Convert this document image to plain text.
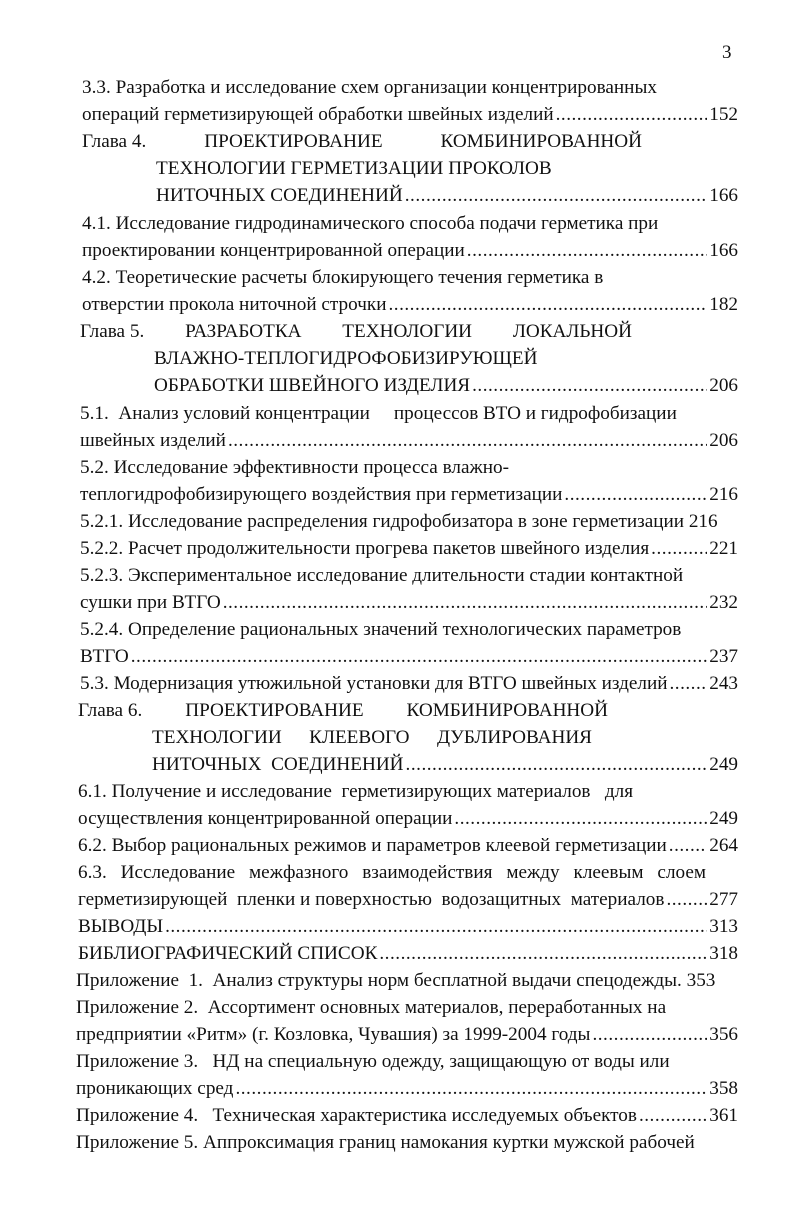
3
3.3. Разработка и исследование схем организации концентрированных
операций герметизирующей обработки швейных изделий .....	152
Глава 4.	ПРОЕКТИРОВАНИЕ	КОМБИНИРОВАННОЙ
ТЕХНОЛОГИИ ГЕРМЕТИЗАЦИИ ПРОКОЛОВ
НИТОЧНЫХ СОЕДИНЕНИЙ .....	166
4.1. Исследование гидродинамического способа подачи герметика при
проектировании концентрированной операции .....	166
4.2. Теоретические расчеты блокирующего течения герметика в
отверстии прокола ниточной строчки .....	182
Глава 5. РАЗРАБОТКА ТЕХНОЛОГИИ ЛОКАЛЬНОЙ
ВЛАЖНО-ТЕПЛОГИДРОФОБИЗИРУЮЩЕЙ
ОБРАБОТКИ ШВЕЙНОГО ИЗДЕЛИЯ .....	206
5.1.  Анализ условий концентрации     процессов ВТО и гидрофобизации
швейных изделий .....	206
5.2. Исследование эффективности процесса влажно-
теплогидрофобизирующего воздействия при герметизации .....	216
5.2.1. Исследование распределения гидрофобизатора в зоне герметизации 216
5.2.2. Расчет продолжительности прогрева пакетов швейного изделия .....	221
5.2.3. Экспериментальное исследование длительности стадии контактной
сушки при ВТГО .....	232
5.2.4. Определение рациональных значений технологических параметров
ВТГО .....	237
5.3. Модернизация утюжильной установки для ВТГО швейных изделий ..... 243
Глава 6. ПРОЕКТИРОВАНИЕ КОМБИНИРОВАННОЙ
ТЕХНОЛОГИИ КЛЕЕВОГО ДУБЛИРОВАНИЯ
НИТОЧНЫХ  СОЕДИНЕНИЙ .....	249
6.1. Получение и исследование  герметизирующих материалов   для
осуществления концентрированной операции .....	249
6.2. Выбор рациональных режимов и параметров клеевой герметизации ..... 264
6.3. Исследование межфазного взаимодействия между клеевым слоем
герметизирующей  пленки и поверхностью  водозащитных  материалов ..... 277
ВЫВОДЫ .....	313
БИБЛИОГРАФИЧЕСКИЙ СПИСОК .....	318
Приложение  1.  Анализ структуры норм бесплатной выдачи спецодежды. 353
Приложение 2.  Ассортимент основных материалов, переработанных на
предприятии «Ритм» (г. Козловка, Чувашия) за 1999-2004 годы .....	356
Приложение 3.   НД на специальную одежду, защищающую от воды или
проникающих сред .....	358
Приложение 4.   Техническая характеристика исследуемых объектов .....	361
Приложение 5. Аппроксимация границ намокания куртки мужской рабочей
